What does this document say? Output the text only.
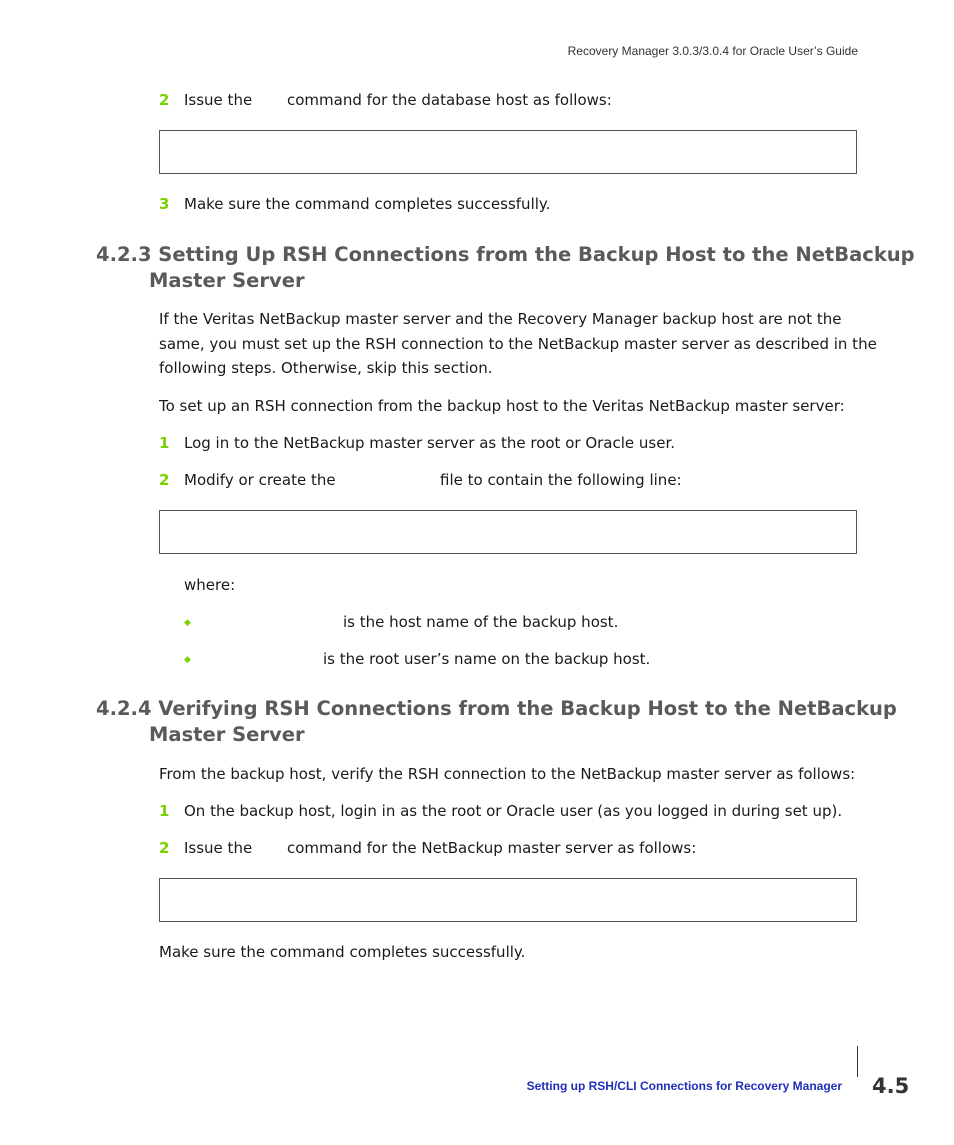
Recovery Manager 3.0.3/3.0.4 for Oracle User’s Guide
2 Issue the command for the database host as follows:
3 Make sure the command completes successfully.
4.2.3 Setting Up RSH Connections from the Backup Host to the NetBackup
Master Server
If the Veritas NetBackup master server and the Recovery Manager backup host are not the
same, you must set up the RSH connection to the NetBackup master server as described in the
following steps. Otherwise, skip this section.
To set up an RSH connection from the backup host to the Veritas NetBackup master server:
1 Log in to the NetBackup master server as the root or Oracle user.
2 Modify or create the	file to contain the following line:
where:
◆	is the host name of the backup host.
◆	is the root user’s name on the backup host.
4.2.4 Verifying RSH Connections from the Backup Host to the NetBackup
Master Server
From the backup host, verify the RSH connection to the NetBackup master server as follows:
1 On the backup host, login in as the root or Oracle user (as you logged in during set up).
2 Issue the command for the NetBackup master server as follows:
Make sure the command completes successfully.
Setting up RSH/CLI Connections for Recovery Manager 4.5
